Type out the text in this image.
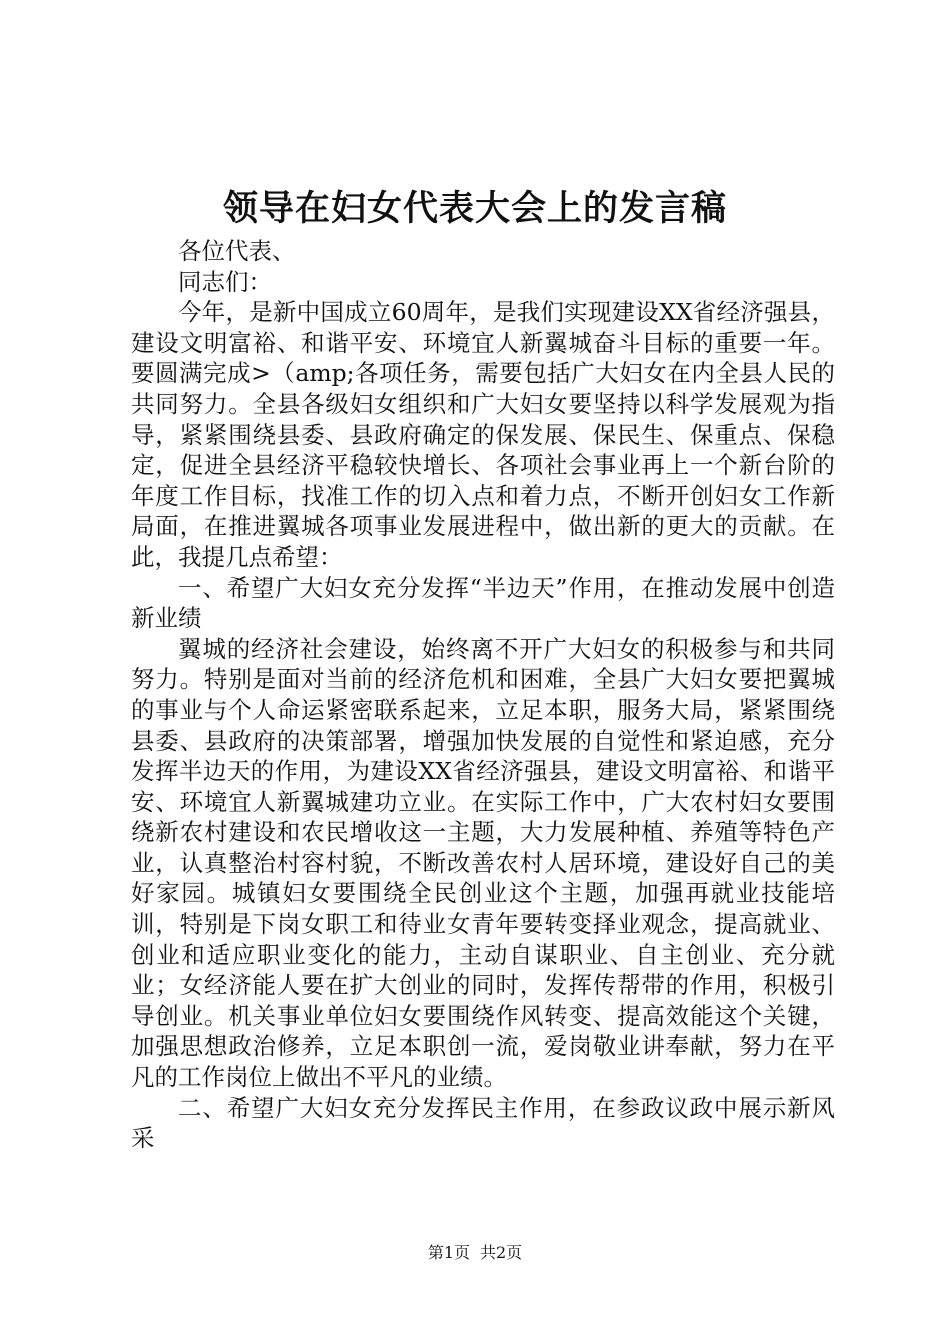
领导在妇女代表大会上的发言稿

各位代表、

同志们：

今年，是新中国成立60周年，是我们实现建设XX省经济强县，建设文明富裕、和谐平安、环境宜人新翼城奋斗目标的重要一年。要圆满完成>（amp;各项任务，需要包括广大妇女在内全县人民的共同努力。全县各级妇女组织和广大妇女要坚持以科学发展观为指导，紧紧围绕县委、县政府确定的保发展、保民生、保重点、保稳定，促进全县经济平稳较快增长、各项社会事业再上一个新台阶的年度工作目标，找准工作的切入点和着力点，不断开创妇女工作新局面，在推进翼城各项事业发展进程中，做出新的更大的贡献。在此，我提几点希望：

一、希望广大妇女充分发挥“半边天”作用，在推动发展中创造新业绩

翼城的经济社会建设，始终离不开广大妇女的积极参与和共同努力。特别是面对当前的经济危机和困难，全县广大妇女要把翼城的事业与个人命运紧密联系起来，立足本职，服务大局，紧紧围绕县委、县政府的决策部署，增强加快发展的自觉性和紧迫感，充分发挥半边天的作用，为建设XX省经济强县，建设文明富裕、和谐平安、环境宜人新翼城建功立业。在实际工作中，广大农村妇女要围绕新农村建设和农民增收这一主题，大力发展种植、养殖等特色产业，认真整治村容村貌，不断改善农村人居环境，建设好自己的美好家园。城镇妇女要围绕全民创业这个主题，加强再就业技能培训，特别是下岗女职工和待业女青年要转变择业观念，提高就业、创业和适应职业变化的能力，主动自谋职业、自主创业、充分就业；女经济能人要在扩大创业的同时，发挥传帮带的作用，积极引导创业。机关事业单位妇女要围绕作风转变、提高效能这个关键，加强思想政治修养，立足本职创一流，爱岗敬业讲奉献，努力在平凡的工作岗位上做出不平凡的业绩。

二、希望广大妇女充分发挥民主作用，在参政议政中展示新风采

第1页 共2页
